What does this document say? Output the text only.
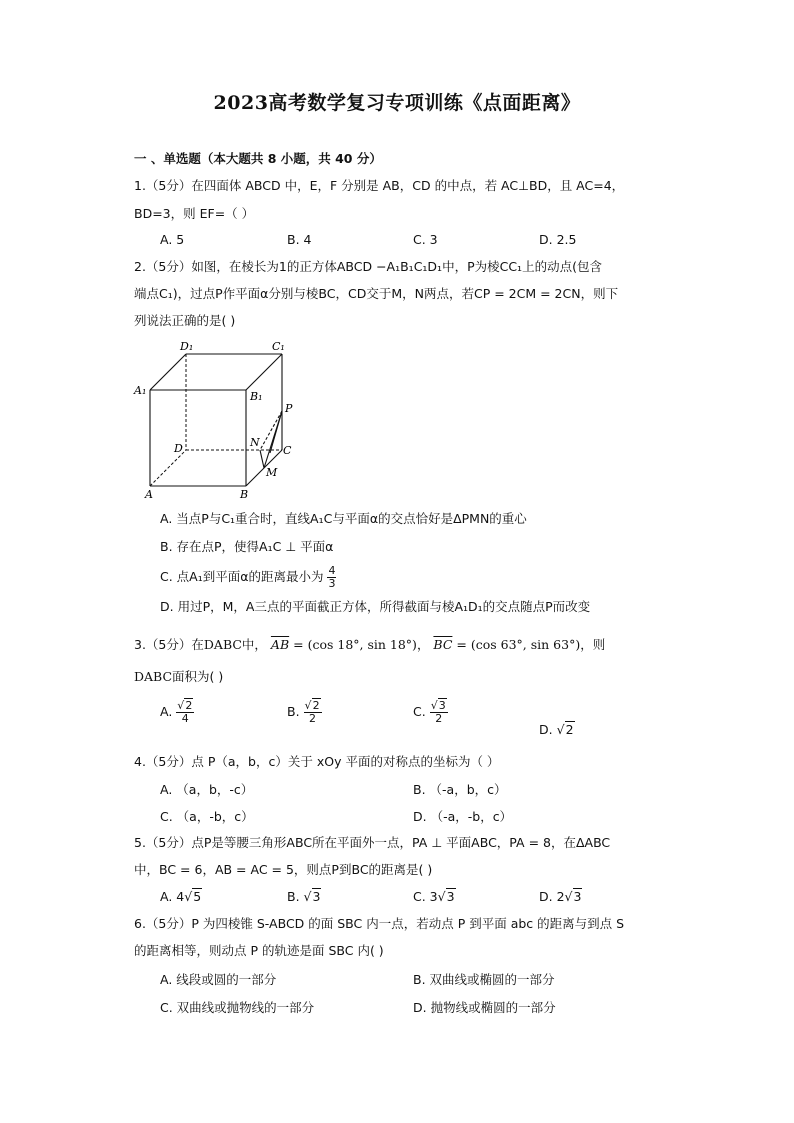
2023高考数学复习专项训练《点面距离》
一 、单选题（本大题共 8 小题，共 40 分）
1.（5分）在四面体 ABCD 中，E，F 分别是 AB，CD 的中点，若 AC⊥BD，且 AC=4，
BD=3，则 EF=（ ）
A. 5	B. 4	C. 3	D. 2.5
2.（5分）如图，在棱长为1的正方体ABCD −A₁B₁C₁D₁中，P为棱CC₁上的动点(包含
端点C₁)，过点P作平面α分别与棱BC，CD交于M，N两点，若CP = 2CM = 2CN，则下
列说法正确的是( )
D₁	C₁
A₁	B₁
P
D	N
C
M
A	B
A. 当点P与C₁重合时，直线A₁C与平面α的交点恰好是ΔPMN的重心
B. 存在点P，使得A₁C ⊥ 平面α
C. 点A₁到平面α的距离最小为 $\frac{4}{3}$
D. 用过P，M，A三点的平面截正方体，所得截面与棱A₁D₁的交点随点P而改变
3.（5分）在DABC中， $\overline{AB} = (\cos$ 18°, sin 18°)， $\overline{BC} = (\cos$ 63°, sin 63°)，则
DABC面积为( )
A. $\frac{√2}{4}$	B. $\frac{√2}{2}$	C. $\frac{√3}{2}$
D. √2
4.（5分）点 P（a，b，c）关于 xOy 平面的对称点的坐标为（ ）
A. （a，b，-c）	B. （-a，b，c）
C. （a，-b，c）	D. （-a，-b，c）
5.（5分）点P是等腰三角形ABC所在平面外一点，PA ⊥ 平面ABC，PA = 8，在ΔABC
中，BC = 6，AB = AC = 5，则点P到BC的距离是( )
A. 4√5	B. √3	C. 3√3	D. 2√3
6.（5分）P 为四棱锥 S-ABCD 的面 SBC 内一点，若动点 P 到平面 abc 的距离与到点 S
的距离相等，则动点 P 的轨迹是面 SBC 内( )
A. 线段或圆的一部分	B. 双曲线或椭圆的一部分
C. 双曲线或抛物线的一部分	D. 抛物线或椭圆的一部分
